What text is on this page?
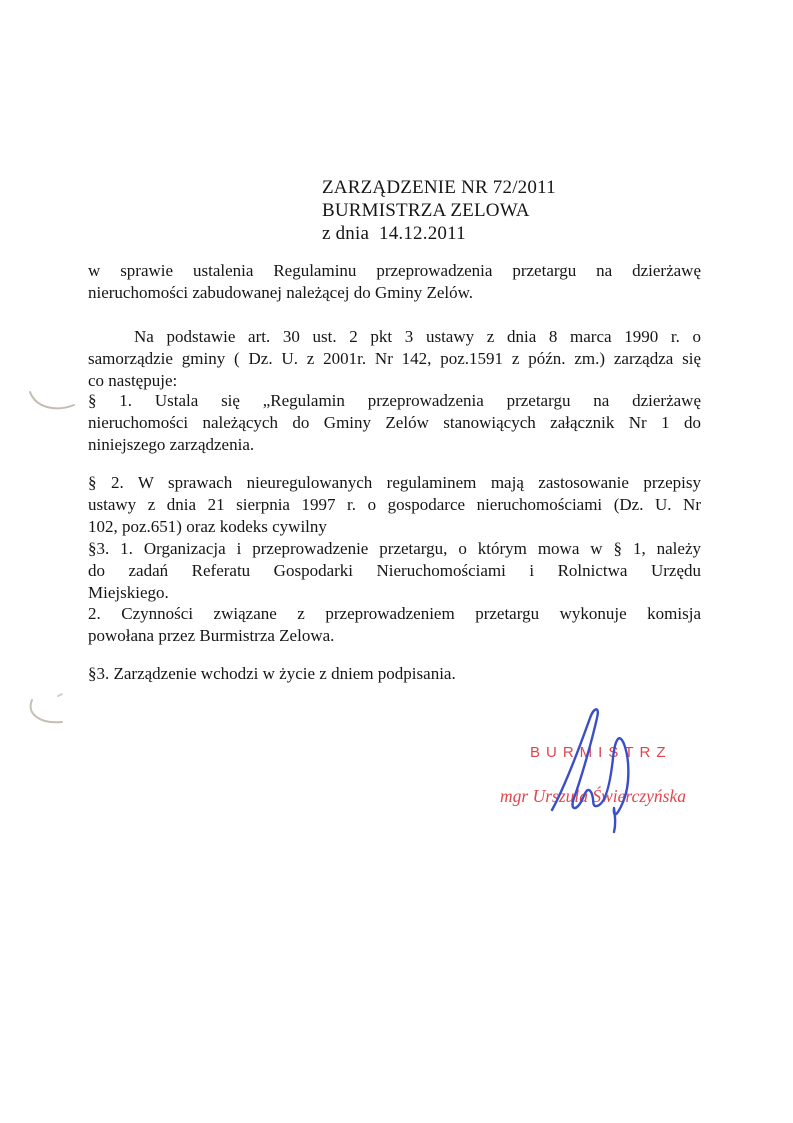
ZARZĄDZENIE NR 72/2011
BURMISTRZA ZELOWA
z dnia  14.12.2011
w sprawie ustalenia Regulaminu przeprowadzenia przetargu na dzierżawę
nieruchomości zabudowanej należącej do Gminy Zelów.
Na podstawie art. 30 ust. 2 pkt 3 ustawy z dnia 8 marca 1990 r. o
samorządzie gminy ( Dz. U. z 2001r. Nr 142, poz.1591 z późn. zm.) zarządza się
co następuje:
§ 1. Ustala się „Regulamin przeprowadzenia przetargu na dzierżawę
nieruchomości należących do Gminy Zelów stanowiących załącznik Nr 1 do
niniejszego zarządzenia.
§ 2. W sprawach nieuregulowanych regulaminem mają zastosowanie przepisy
ustawy z dnia 21 sierpnia 1997 r. o gospodarce nieruchomościami (Dz. U. Nr
102, poz.651) oraz kodeks cywilny
§3. 1. Organizacja i przeprowadzenie przetargu, o którym mowa w § 1, należy
do zadań Referatu Gospodarki Nieruchomościami i Rolnictwa Urzędu
Miejskiego.
2. Czynności związane z przeprowadzeniem przetargu wykonuje komisja
powołana przez Burmistrza Zelowa.
§3. Zarządzenie wchodzi w życie z dniem podpisania.
BURMISTRZ
mgr Urszula Świerczyńska
